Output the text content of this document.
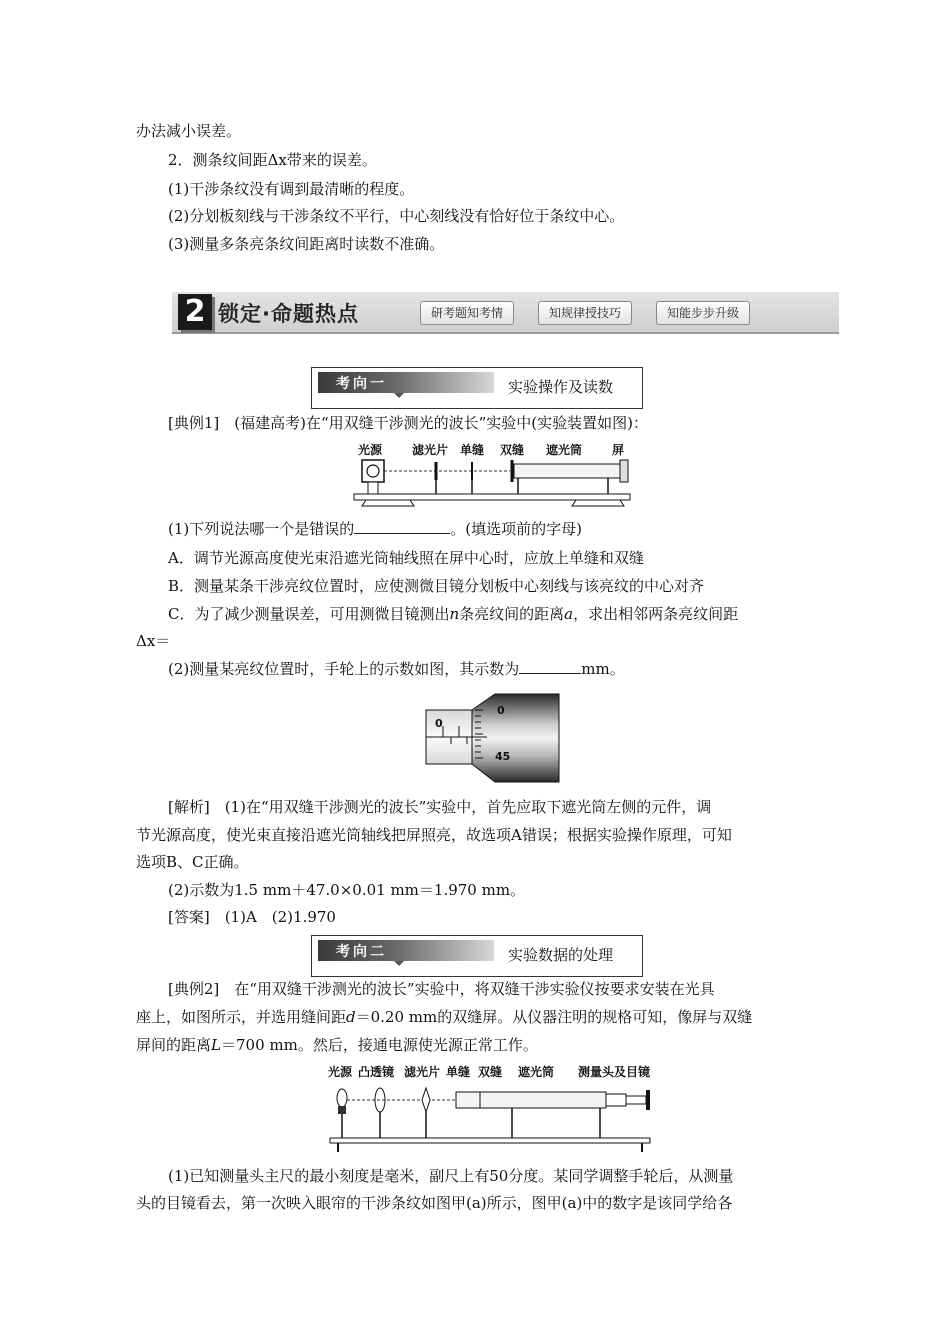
办法减小误差。
2．测条纹间距Δx带来的误差。
(1)干涉条纹没有调到最清晰的程度。
(2)分划板刻线与干涉条纹不平行，中心刻线没有恰好位于条纹中心。
(3)测量多条亮条纹间距离时读数不准确。
2 锁定·命题热点	研考题知考情	知规律授技巧	知能步步升级
考向一	实验操作及读数
[典例1]　(福建高考)在“用双缝干涉测光的波长”实验中(实验装置如图)：
光源 滤光片 单缝 双缝 遮光筒 屏
(1)下列说法哪一个是错误的	。(填选项前的字母)
A．调节光源高度使光束沿遮光筒轴线照在屏中心时，应放上单缝和双缝
B．测量某条干涉亮纹位置时，应使测微目镜分划板中心刻线与该亮纹的中心对齐
C．为了减少测量误差，可用测微目镜测出n条亮纹间的距离a，求出相邻两条亮纹间距
Δx＝
(2)测量某亮纹位置时，手轮上的示数如图，其示数为	mm。
0
0
45
[解析]　(1)在“用双缝干涉测光的波长”实验中，首先应取下遮光筒左侧的元件，调
节光源高度，使光束直接沿遮光筒轴线把屏照亮，故选项A错误；根据实验操作原理，可知
选项B、C正确。
(2)示数为1.5 mm＋47.0×0.01 mm＝1.970 mm。
[答案]　(1)A　(2)1.970
考向二	实验数据的处理
[典例2]　在“用双缝干涉测光的波长”实验中，将双缝干涉实验仪按要求安装在光具
座上，如图所示，并选用缝间距d＝0.20 mm的双缝屏。从仪器注明的规格可知，像屏与双缝
屏间的距离L＝700 mm。然后，接通电源使光源正常工作。
光源 凸透镜 滤光片 单缝 双缝 遮光筒 测量头及目镜
(1)已知测量头主尺的最小刻度是毫米，副尺上有50分度。某同学调整手轮后，从测量
头的目镜看去，第一次映入眼帘的干涉条纹如图甲(a)所示，图甲(a)中的数字是该同学给各
